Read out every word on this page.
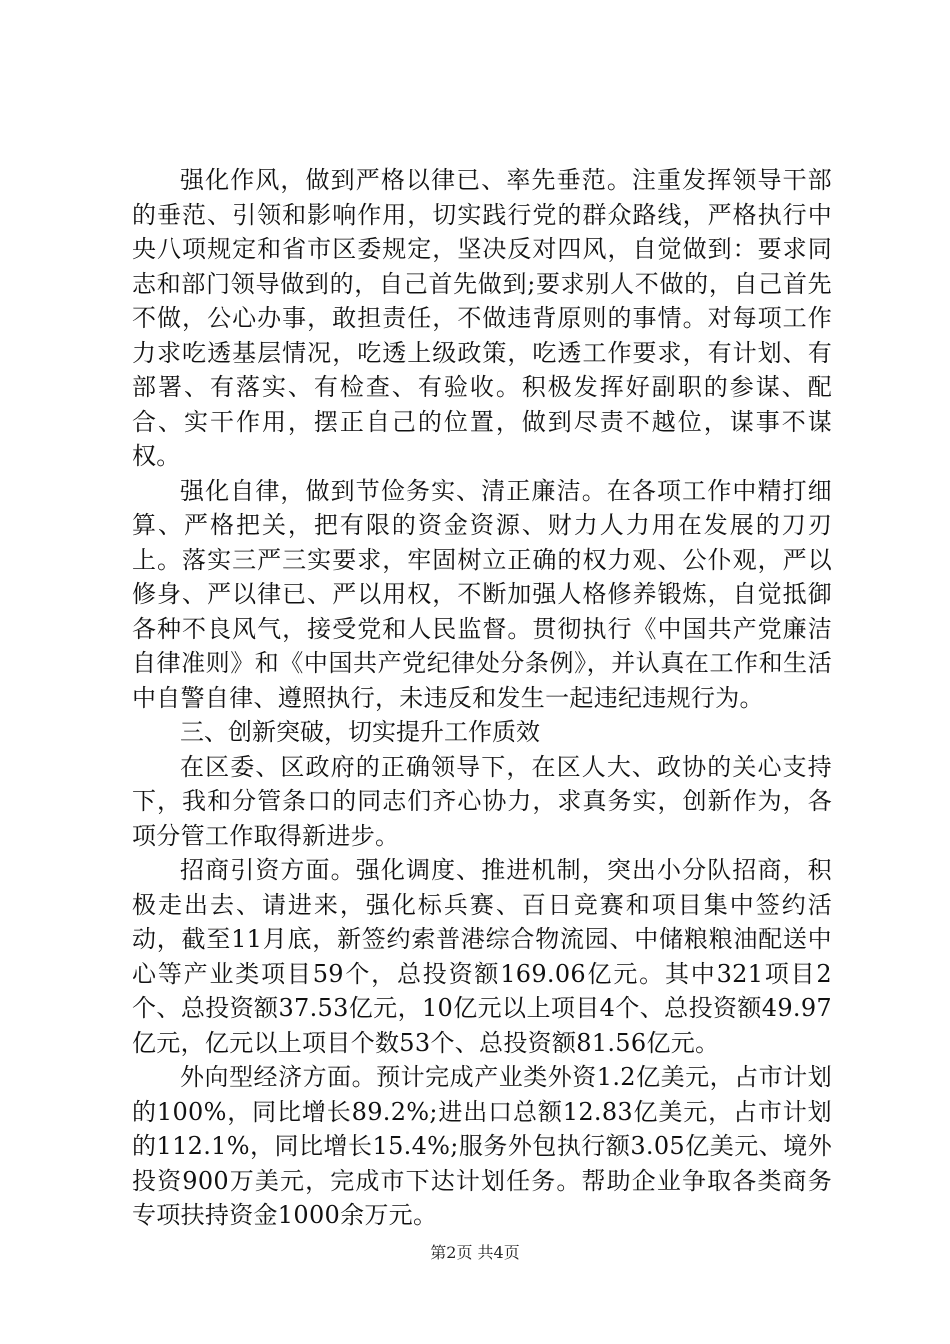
强化作风，做到严格以律已、率先垂范。注重发挥领导干部的垂范、引领和影响作用，切实践行党的群众路线，严格执行中央八项规定和省市区委规定，坚决反对四风，自觉做到：要求同志和部门领导做到的，自己首先做到;要求别人不做的，自己首先不做，公心办事，敢担责任，不做违背原则的事情。对每项工作力求吃透基层情况，吃透上级政策，吃透工作要求，有计划、有部署、有落实、有检查、有验收。积极发挥好副职的参谋、配合、实干作用，摆正自己的位置，做到尽责不越位，谋事不谋权。

强化自律，做到节俭务实、清正廉洁。在各项工作中精打细算、严格把关，把有限的资金资源、财力人力用在发展的刀刃上。落实三严三实要求，牢固树立正确的权力观、公仆观，严以修身、严以律已、严以用权，不断加强人格修养锻炼，自觉抵御各种不良风气，接受党和人民监督。贯彻执行《中国共产党廉洁自律准则》和《中国共产党纪律处分条例》，并认真在工作和生活中自警自律、遵照执行，未违反和发生一起违纪违规行为。

三、创新突破，切实提升工作质效

在区委、区政府的正确领导下，在区人大、政协的关心支持下，我和分管条口的同志们齐心协力，求真务实，创新作为，各项分管工作取得新进步。

招商引资方面。强化调度、推进机制，突出小分队招商，积极走出去、请进来，强化标兵赛、百日竞赛和项目集中签约活动，截至11月底，新签约索普港综合物流园、中储粮粮油配送中心等产业类项目59个，总投资额169.06亿元。其中321项目2个、总投资额37.53亿元，10亿元以上项目4个、总投资额49.97亿元，亿元以上项目个数53个、总投资额81.56亿元。

外向型经济方面。预计完成产业类外资1.2亿美元，占市计划的100%，同比增长89.2%;进出口总额12.83亿美元，占市计划的112.1%，同比增长15.4%;服务外包执行额3.05亿美元、境外投资900万美元，完成市下达计划任务。帮助企业争取各类商务专项扶持资金1000余万元。

第2页 共4页
